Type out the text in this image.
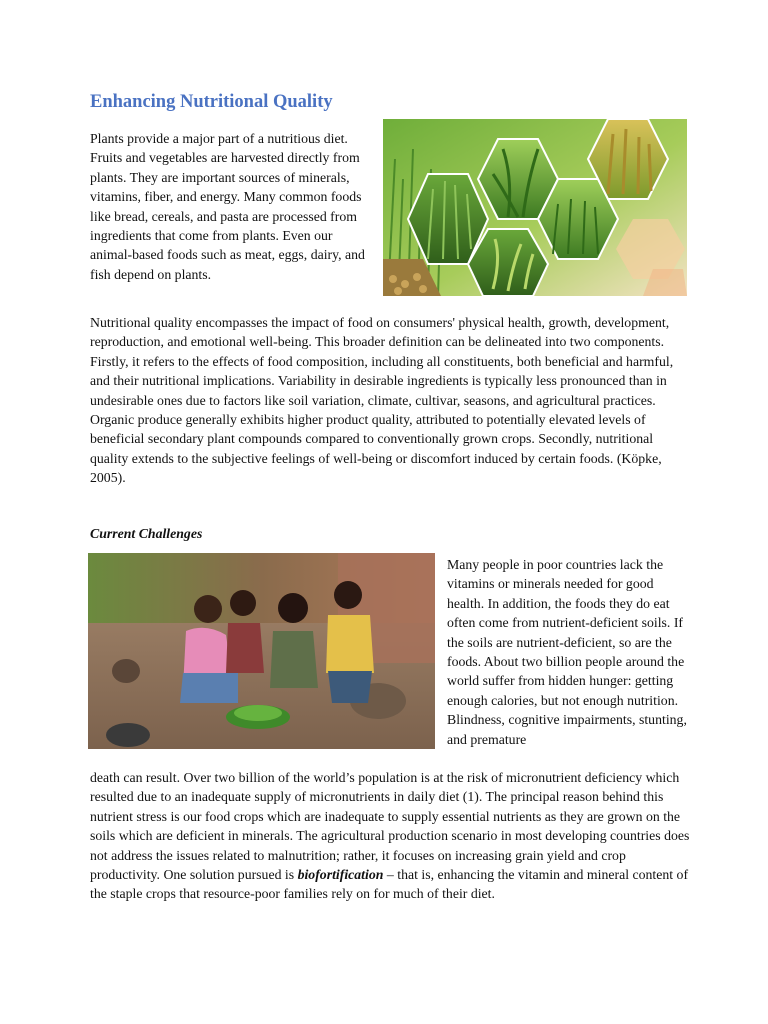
Enhancing Nutritional Quality

Plants provide a major part of a nutritious diet. Fruits and vegetables are harvested directly from plants. They are important sources of minerals, vitamins, fiber, and energy. Many common foods like bread, cereals, and pasta are processed from ingredients that come from plants. Even our animal-based foods such as meat, eggs, dairy, and fish depend on plants.

Nutritional quality encompasses the impact of food on consumers' physical health, growth, development, reproduction, and emotional well-being. This broader definition can be delineated into two components. Firstly, it refers to the effects of food composition, including all constituents, both beneficial and harmful, and their nutritional implications. Variability in desirable ingredients is typically less pronounced than in undesirable ones due to factors like soil variation, climate, cultivar, seasons, and agricultural practices. Organic produce generally exhibits higher product quality, attributed to potentially elevated levels of beneficial secondary plant compounds compared to conventionally grown crops. Secondly, nutritional quality extends to the subjective feelings of well-being or discomfort induced by certain foods. (Köpke, 2005).

Current Challenges

Many people in poor countries lack the vitamins or minerals needed for good health. In addition, the foods they do eat often come from nutrient-deficient soils. If the soils are nutrient-deficient, so are the foods. About two billion people around the world suffer from hidden hunger: getting enough calories, but not enough nutrition. Blindness, cognitive impairments, stunting, and premature

death can result. Over two billion of the world’s population is at the risk of micronutrient deficiency which resulted due to an inadequate supply of micronutrients in daily diet (1). The principal reason behind this nutrient stress is our food crops which are inadequate to supply essential nutrients as they are grown on the soils which are deficient in minerals. The agricultural production scenario in most developing countries does not address the issues related to malnutrition; rather, it focuses on increasing grain yield and crop productivity. One solution pursued is biofortification – that is, enhancing the vitamin and mineral content of the staple crops that resource-poor families rely on for much of their diet.
